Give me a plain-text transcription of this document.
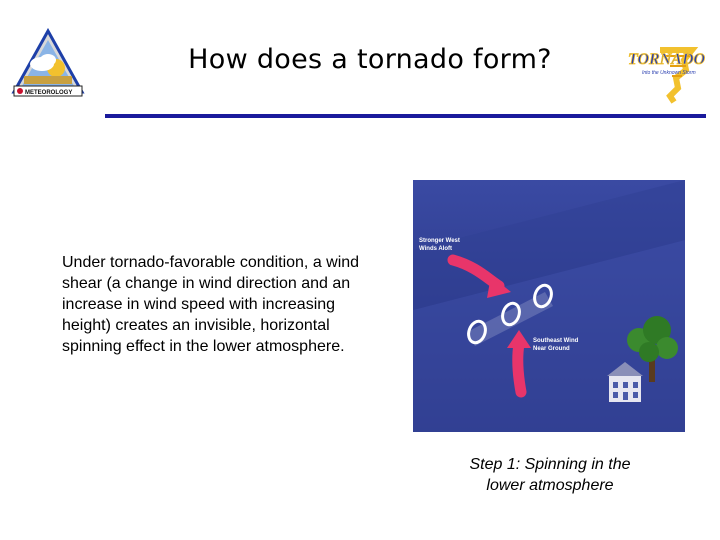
METEOROLOGY
How does a tornado form?	TORNADO
Into the Unknown Storm
Under tornado-favorable condition, a wind shear (a change in wind direction and an increase in wind speed with increasing height) creates an invisible, horizontal spinning effect in the lower atmosphere.
Stronger West
Winds Aloft
Southeast Wind
Near Ground
Step 1: Spinning in the
lower atmosphere
